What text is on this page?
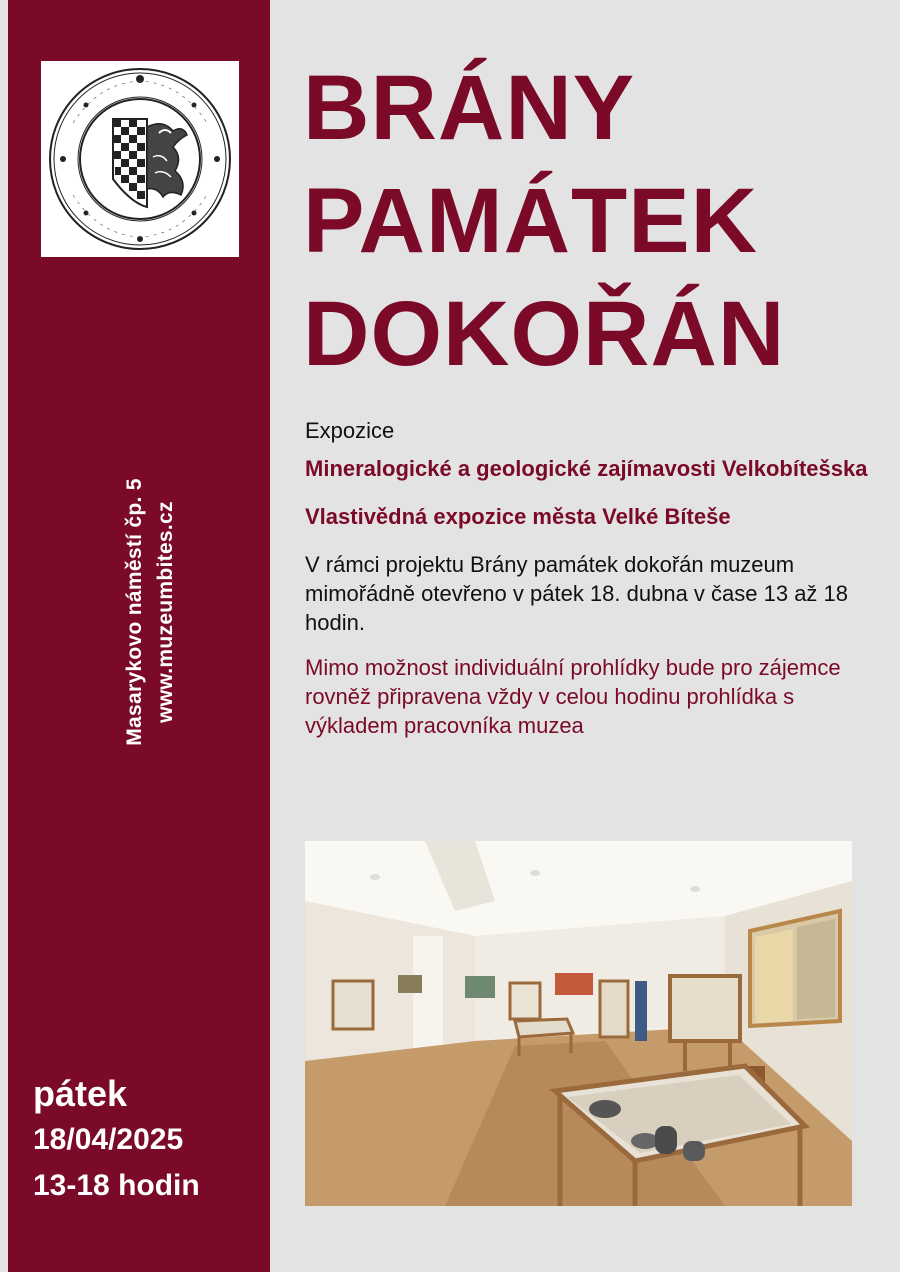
Masarykovo náměstí čp. 5 www.muzeumbites.cz
pátek
18/04/2025
13-18 hodin
BRÁNY
PAMÁTEK
DOKOŘÁN

Expozice

Mineralogické a geologické zajímavosti Velkobítešska

Vlastivědná expozice města Velké Bíteše

V rámci projektu Brány památek dokořán muzeum mimořádně otevřeno v pátek 18. dubna v čase 13 až 18 hodin.

Mimo možnost individuální prohlídky bude pro zájemce rovněž připravena vždy v celou hodinu prohlídka s výkladem pracovníka muzea
